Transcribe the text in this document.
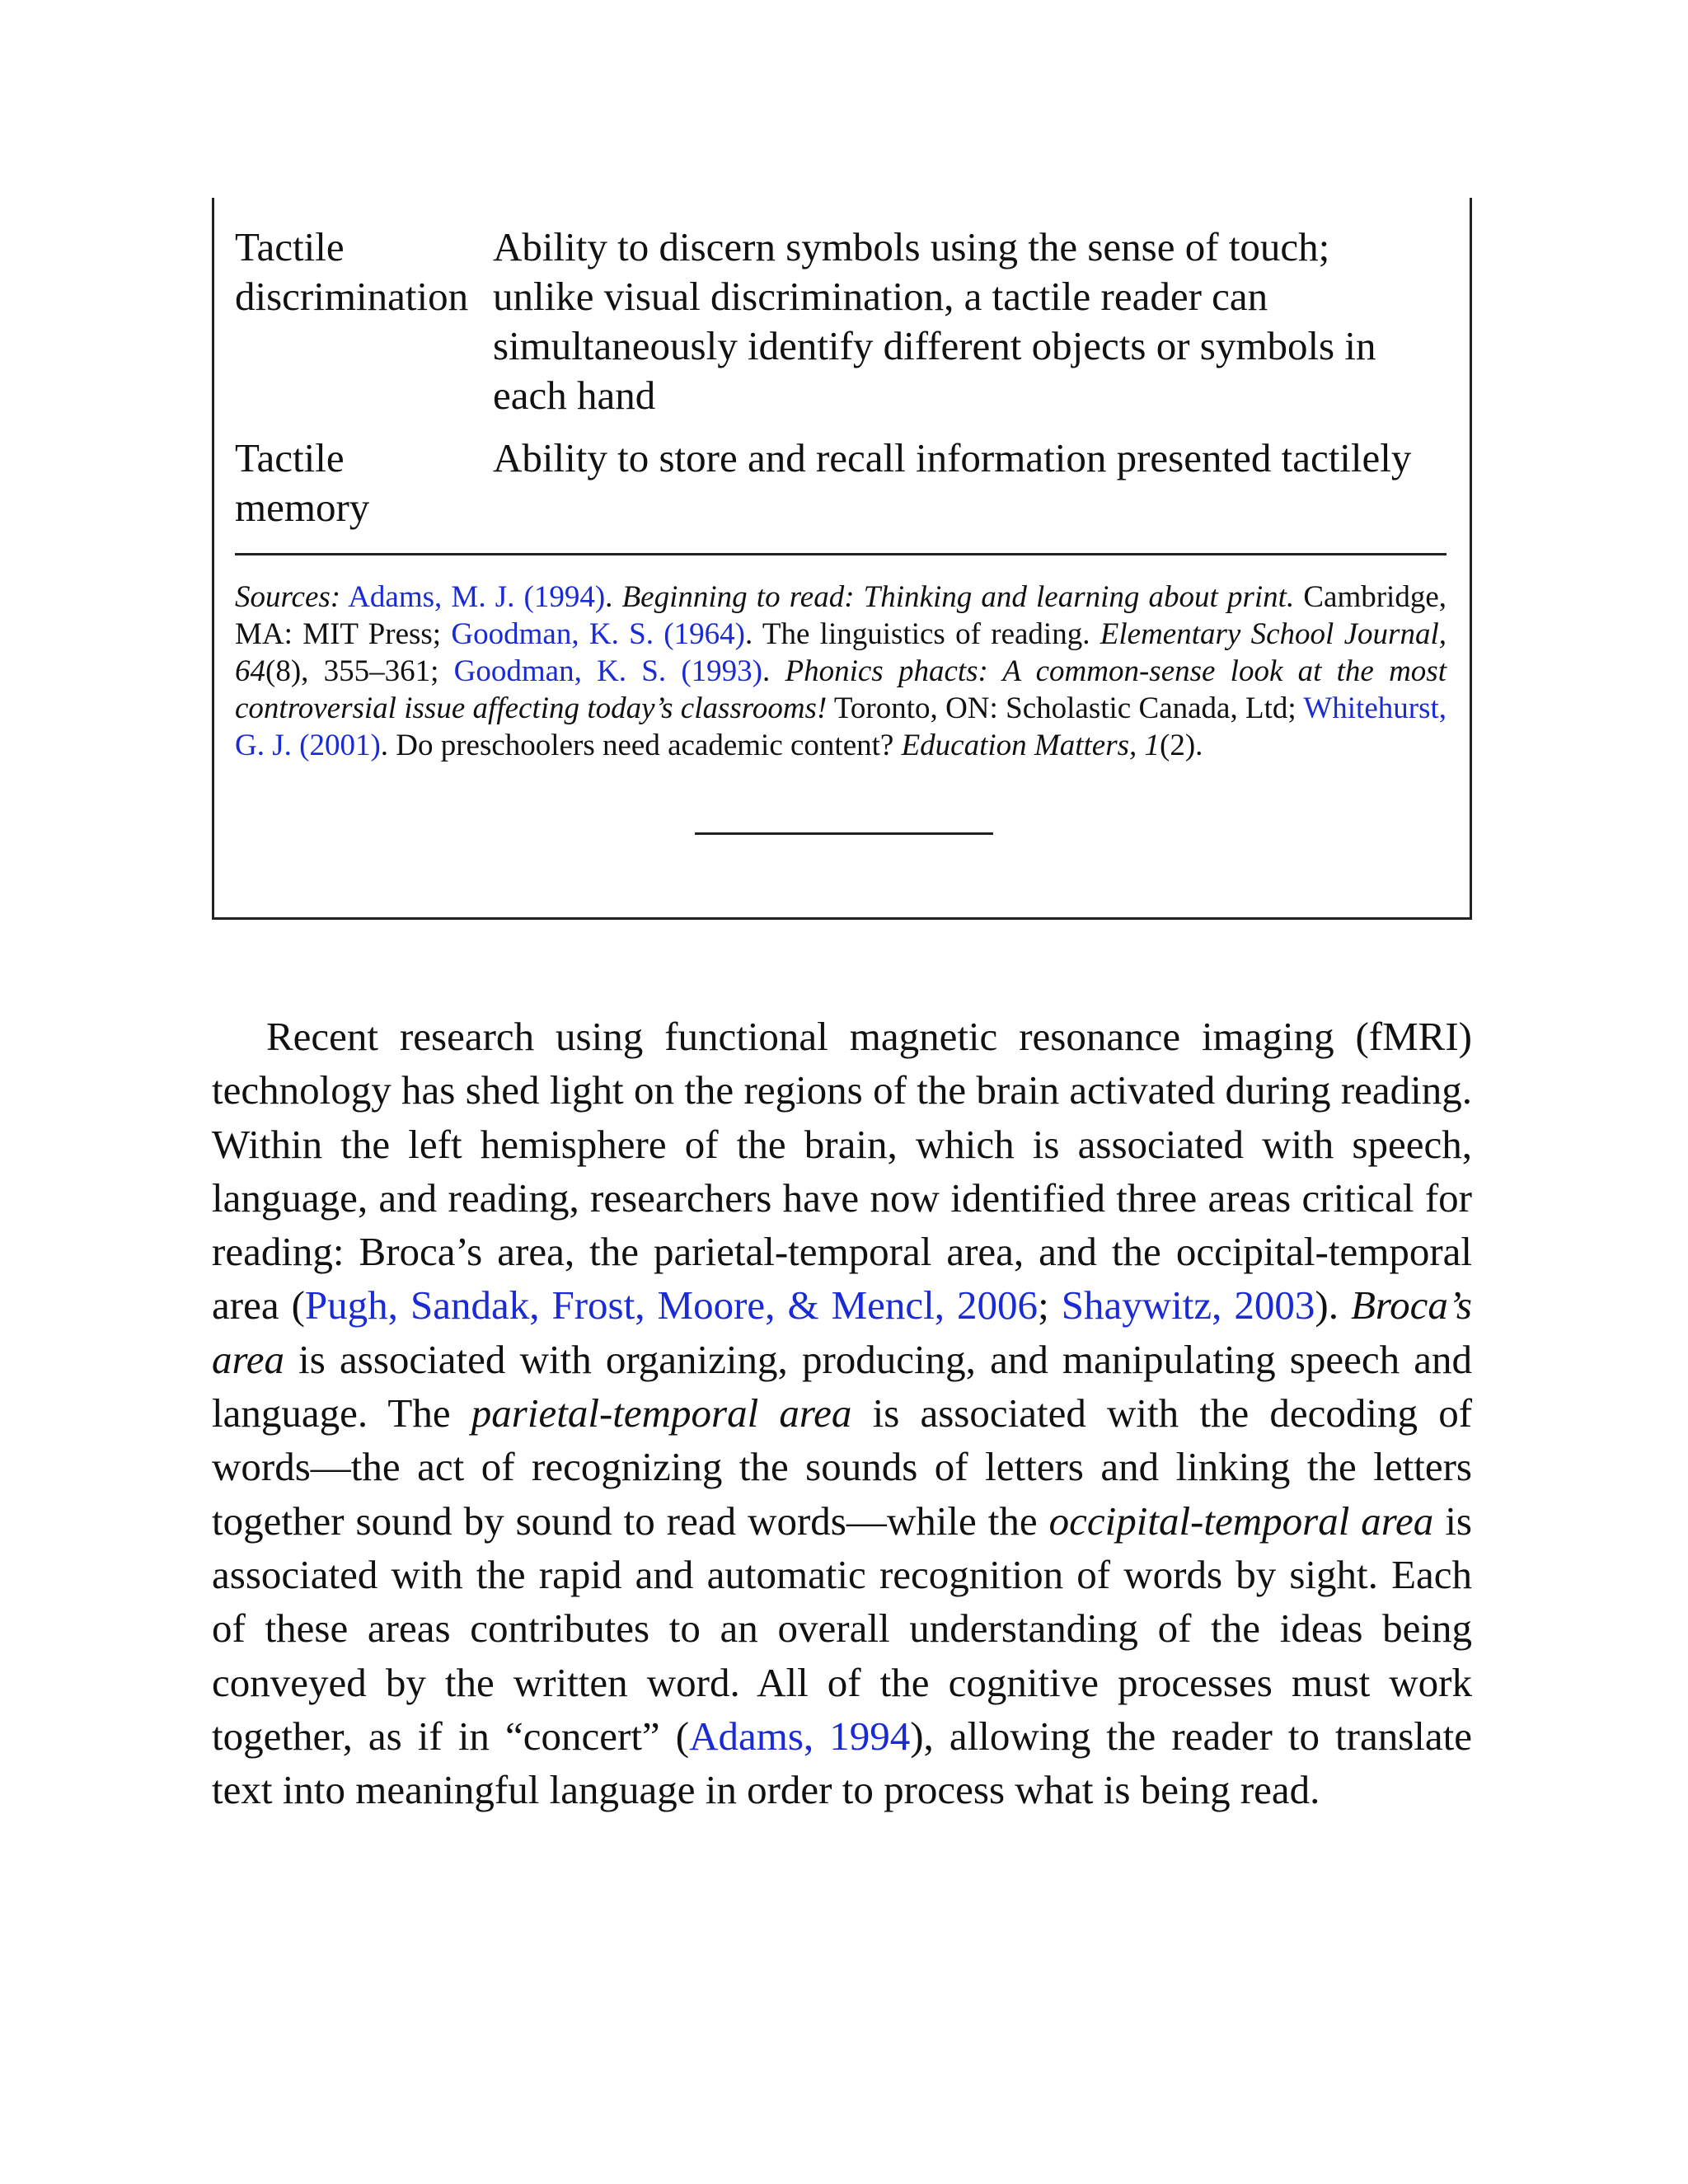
Tactile discrimination
Ability to discern symbols using the sense of touch; unlike visual discrimination, a tactile reader can simultaneously identify different objects or symbols in each hand
Tactile memory
Ability to store and recall information presented tactilely
Sources: Adams, M. J. (1994). Beginning to read: Thinking and learning about print. Cambridge, MA: MIT Press; Goodman, K. S. (1964). The linguistics of reading. Elementary School Journal, 64(8), 355–361; Goodman, K. S. (1993). Phonics phacts: A common-sense look at the most controversial issue affecting today’s classrooms! Toronto, ON: Scholastic Canada, Ltd; Whitehurst, G. J. (2001). Do preschoolers need academic content? Education Matters, 1(2).
Recent research using functional magnetic resonance imaging (fMRI) technology has shed light on the regions of the brain activated during reading. Within the left hemisphere of the brain, which is associated with speech, language, and reading, researchers have now identified three areas critical for reading: Broca’s area, the parietal-temporal area, and the occipital-temporal area (Pugh, Sandak, Frost, Moore, & Mencl, 2006; Shaywitz, 2003). Broca’s area is associated with organizing, producing, and manipulating speech and language. The parietal-temporal area is associated with the decoding of words—the act of recognizing the sounds of letters and linking the letters together sound by sound to read words—while the occipital-temporal area is associated with the rapid and automatic recognition of words by sight. Each of these areas contributes to an overall understanding of the ideas being conveyed by the written word. All of the cognitive processes must work together, as if in “concert” (Adams, 1994), allowing the reader to translate text into meaningful language in order to process what is being read.
